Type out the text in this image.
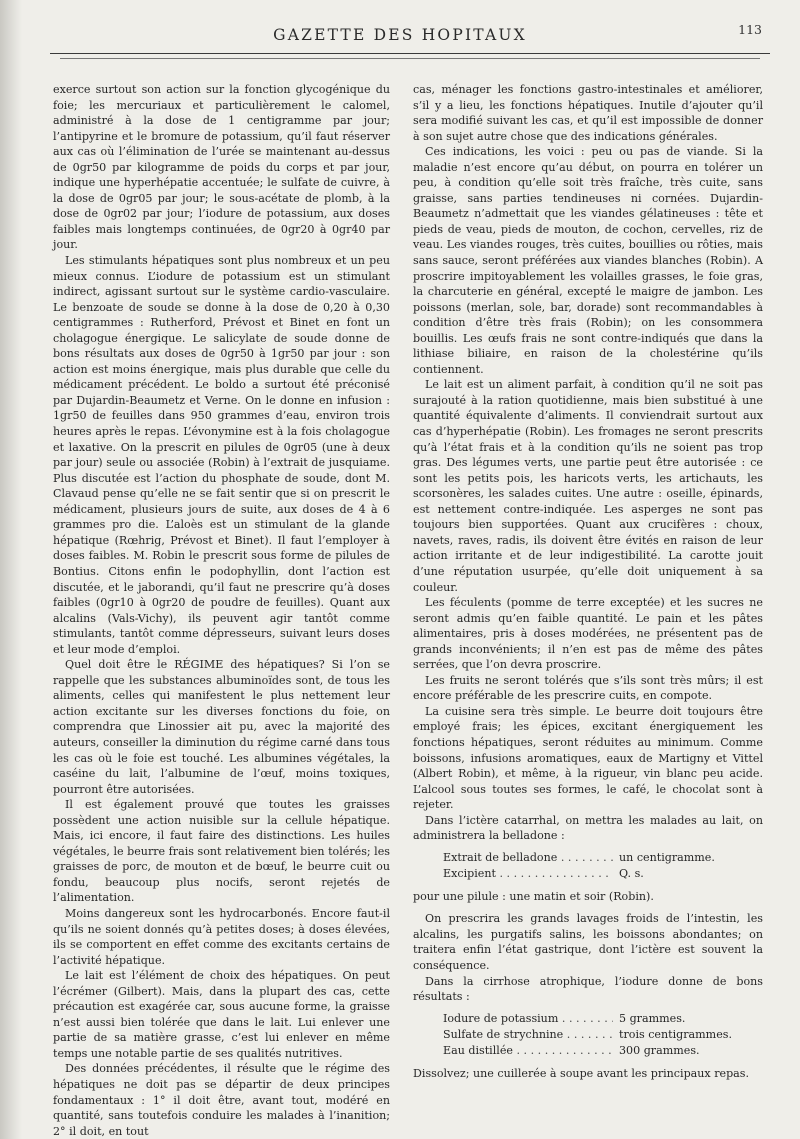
GAZETTE DES HOPITAUX	113

exerce surtout son action sur la fonction glycogénique du foie; les mercuriaux et particulièrement le calomel, administré à la dose de 1 centigramme par jour; l’antipyrine et le bromure de potassium, qu’il faut réserver aux cas où l’élimination de l’urée se maintenant au-dessus de 0gr50 par kilogramme de poids du corps et par jour, indique une hyperhépatie accentuée; le sulfate de cuivre, à la dose de 0gr05 par jour; le sous-acétate de plomb, à la dose de 0gr02 par jour; l’iodure de potassium, aux doses faibles mais longtemps continuées, de 0gr20 à 0gr40 par jour.

Les stimulants hépatiques sont plus nombreux et un peu mieux connus. L’iodure de potassium est un stimulant indirect, agissant surtout sur le système cardio-vasculaire. Le benzoate de soude se donne à la dose de 0,20 à 0,30 centigrammes : Rutherford, Prévost et Binet en font un cholagogue énergique. Le salicylate de soude donne de bons résultats aux doses de 0gr50 à 1gr50 par jour : son action est moins énergique, mais plus durable que celle du médicament précédent. Le boldo a surtout été préconisé par Dujardin-Beaumetz et Verne. On le donne en infusion : 1gr50 de feuilles dans 950 grammes d’eau, environ trois heures après le repas. L’évonymine est à la fois cholagogue et laxative. On la prescrit en pilules de 0gr05 (une à deux par jour) seule ou associée (Robin) à l’extrait de jusquiame. Plus discutée est l’action du phosphate de soude, dont M. Clavaud pense qu’elle ne se fait sentir que si on prescrit le médicament, plusieurs jours de suite, aux doses de 4 à 6 grammes pro die. L’aloès est un stimulant de la glande hépatique (Rœhrig, Prévost et Binet). Il faut l’employer à doses faibles. M. Robin le prescrit sous forme de pilules de Bontius. Citons enfin le podophyllin, dont l’action est discutée, et le jaborandi, qu’il faut ne prescrire qu’à doses faibles (0gr10 à 0gr20 de poudre de feuilles). Quant aux alcalins (Vals-Vichy), ils peuvent agir tantôt comme stimulants, tantôt comme dépresseurs, suivant leurs doses et leur mode d’emploi.

Quel doit être le RÉGIME des hépatiques? Si l’on se rappelle que les substances albuminoïdes sont, de tous les aliments, celles qui manifestent le plus nettement leur action excitante sur les diverses fonctions du foie, on comprendra que Linossier ait pu, avec la majorité des auteurs, conseiller la diminution du régime carné dans tous les cas où le foie est touché. Les albumines végétales, la caséine du lait, l’albumine de l’œuf, moins toxiques, pourront être autorisées.

Il est également prouvé que toutes les graisses possèdent une action nuisible sur la cellule hépatique. Mais, ici encore, il faut faire des distinctions. Les huiles végétales, le beurre frais sont relativement bien tolérés; les graisses de porc, de mouton et de bœuf, le beurre cuit ou fondu, beaucoup plus nocifs, seront rejetés de l’alimentation.

Moins dangereux sont les hydrocarbonés. Encore faut-il qu’ils ne soient donnés qu’à petites doses; à doses élevées, ils se comportent en effet comme des excitants certains de l’activité hépatique.

Le lait est l’élément de choix des hépatiques. On peut l’écrémer (Gilbert). Mais, dans la plupart des cas, cette précaution est exagérée car, sous aucune forme, la graisse n’est aussi bien tolérée que dans le lait. Lui enlever une partie de sa matière grasse, c’est lui enlever en même temps une notable partie de ses qualités nutritives.

Des données précédentes, il résulte que le régime des hépatiques ne doit pas se départir de deux principes fondamentaux : 1° il doit être, avant tout, modéré en quantité, sans toutefois conduire les malades à l’inanition; 2° il doit, en tout

cas, ménager les fonctions gastro-intestinales et améliorer, s’il y a lieu, les fonctions hépatiques. Inutile d’ajouter qu’il sera modifié suivant les cas, et qu’il est impossible de donner à son sujet autre chose que des indications générales.

Ces indications, les voici : peu ou pas de viande. Si la maladie n’est encore qu’au début, on pourra en tolérer un peu, à condition qu’elle soit très fraîche, très cuite, sans graisse, sans parties tendineuses ni cornées. Dujardin-Beaumetz n’admettait que les viandes gélatineuses : tête et pieds de veau, pieds de mouton, de cochon, cervelles, riz de veau. Les viandes rouges, très cuites, bouillies ou rôties, mais sans sauce, seront préférées aux viandes blanches (Robin). A proscrire impitoyablement les volailles grasses, le foie gras, la charcuterie en général, excepté le maigre de jambon. Les poissons (merlan, sole, bar, dorade) sont recommandables à condition d’être très frais (Robin); on les consommera bouillis. Les œufs frais ne sont contre-indiqués que dans la lithiase biliaire, en raison de la cholestérine qu’ils contiennent.

Le lait est un aliment parfait, à condition qu’il ne soit pas surajouté à la ration quotidienne, mais bien substitué à une quantité équivalente d’aliments. Il conviendrait surtout aux cas d’hyperhépatie (Robin). Les fromages ne seront prescrits qu’à l’état frais et à la condition qu’ils ne soient pas trop gras. Des légumes verts, une partie peut être autorisée : ce sont les petits pois, les haricots verts, les artichauts, les scorsonères, les salades cuites. Une autre : oseille, épinards, est nettement contre-indiquée. Les asperges ne sont pas toujours bien supportées. Quant aux crucifères : choux, navets, raves, radis, ils doivent être évités en raison de leur action irritante et de leur indigestibilité. La carotte jouit d’une réputation usurpée, qu’elle doit uniquement à sa couleur.

Les féculents (pomme de terre exceptée) et les sucres ne seront admis qu’en faible quantité. Le pain et les pâtes alimentaires, pris à doses modérées, ne présentent pas de grands inconvénients; il n’en est pas de même des pâtes serrées, que l’on devra proscrire.

Les fruits ne seront tolérés que s’ils sont très mûrs; il est encore préférable de les prescrire cuits, en compote.

La cuisine sera très simple. Le beurre doit toujours être employé frais; les épices, excitant énergiquement les fonctions hépatiques, seront réduites au minimum. Comme boissons, infusions aromatiques, eaux de Martigny et Vittel (Albert Robin), et même, à la rigueur, vin blanc peu acide. L’alcool sous toutes ses formes, le café, le chocolat sont à rejeter.

Dans l’ictère catarrhal, on mettra les malades au lait, on administrera la belladone :

Extrait de belladone . . .	un centigramme.
Excipient . . .	Q. s.

pour une pilule : une matin et soir (Robin).

On prescrira les grands lavages froids de l’intestin, les alcalins, les purgatifs salins, les boissons abondantes; on traitera enfin l’état gastrique, dont l’ictère est souvent la conséquence.

Dans la cirrhose atrophique, l’iodure donne de bons résultats :

Iodure de potassium . . .	5 grammes.
Sulfate de strychnine . . .	trois centigrammes.
Eau distillée . . .	300 grammes.

Dissolvez; une cuillerée à soupe avant les principaux repas.
